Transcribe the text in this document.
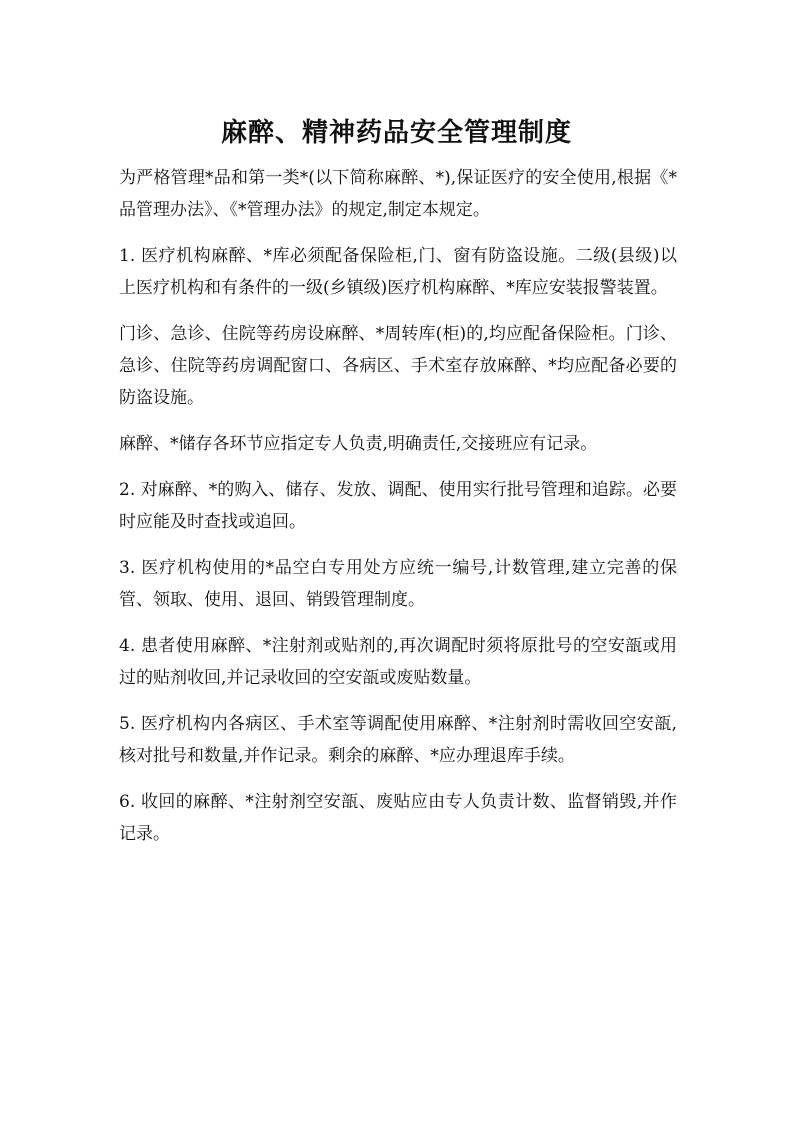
麻醉、精神药品安全管理制度

为严格管理*品和第一类*(以下简称麻醉、*),保证医疗的安全使用,根据《*品管理办法》、《*管理办法》的规定,制定本规定。

1. 医疗机构麻醉、*库必须配备保险柜,门、窗有防盗设施。二级(县级)以上医疗机构和有条件的一级(乡镇级)医疗机构麻醉、*库应安装报警装置。

门诊、急诊、住院等药房设麻醉、*周转库(柜)的,均应配备保险柜。门诊、急诊、住院等药房调配窗口、各病区、手术室存放麻醉、*均应配备必要的防盗设施。

麻醉、*储存各环节应指定专人负责,明确责任,交接班应有记录。

2. 对麻醉、*的购入、储存、发放、调配、使用实行批号管理和追踪。必要时应能及时查找或追回。

3. 医疗机构使用的*品空白专用处方应统一编号,计数管理,建立完善的保管、领取、使用、退回、销毁管理制度。

4. 患者使用麻醉、*注射剂或贴剂的,再次调配时须将原批号的空安瓿或用过的贴剂收回,并记录收回的空安瓿或废贴数量。

5. 医疗机构内各病区、手术室等调配使用麻醉、*注射剂时需收回空安瓿,核对批号和数量,并作记录。剩余的麻醉、*应办理退库手续。

6. 收回的麻醉、*注射剂空安瓿、废贴应由专人负责计数、监督销毁,并作记录。
